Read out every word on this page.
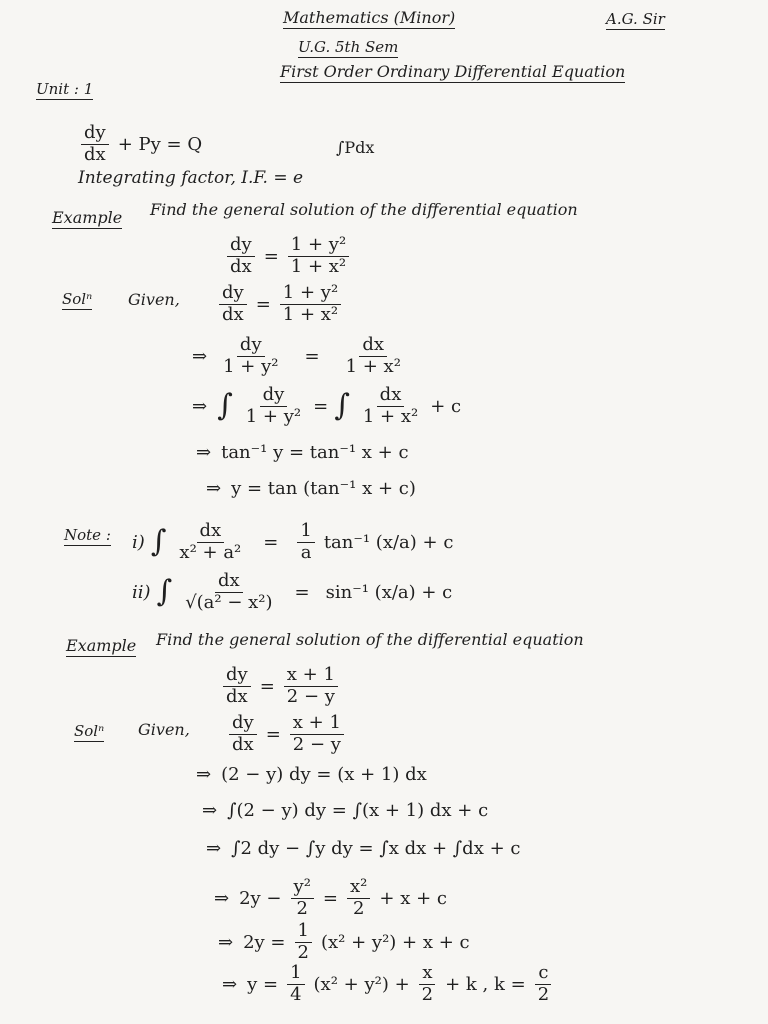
Mathematics (Minor)	A.G. Sir
U.G. 5th Sem
First Order Ordinary Differential Equation
Unit : 1
$\frac{dy}{dx} + Py = Q$	∫Pdx
Integrating factor, I.F. = e
Example Find the general solution of the differential equation
$\frac{dy}{dx} = \frac{\text{1 + y²}}{\text{1 + x²}}$
Solⁿ Given, $\frac{dy}{dx} = \frac{\text{1 + y²}}{\text{1 + x²}}$
⇒ $\frac{dy}{\text{1 + y²}} = \frac{dx}{\text{1 + x²}}$
⇒ ∫ $\frac{dy}{\text{1 + y²}}$ = ∫ $\frac{dx}{\text{1 + x²}} + c$
⇒ tan⁻¹ y = tan⁻¹ x + c
⇒ y = tan (tan⁻¹ x + c)
Note : i) ∫ $\frac{dx}{\text{x² + a²}} = \frac{1}{a} \tan^{-1}$ (x/a) + c
ii) ∫ $\frac{dx}{\text{√(a² − x²)}} = \sin^{-1}$ (x/a) + c
Example Find the general solution of the differential equation
$\frac{dy}{dx} = \frac{x + 1}{2 - y}$
Solⁿ Given, $\frac{dy}{dx} = \frac{x + 1}{2 - y}$
⇒ (2 − y) dy = (x + 1) dx
⇒ ∫(2 − y) dy = ∫(x + 1) dx + c
⇒ ∫2 dy − ∫y dy = ∫x dx + ∫dx + c
⇒ $2y - \frac{\text{y²}}{2} = \frac{\text{x²}}{2} + x + c$
⇒ $2y = \frac{1}{2} (x^2 + y^2) + x + c$
⇒ $y = \frac{1}{4} (x^2 + y^2) + \frac{x}{2} + k$ , $k = \frac{c}{2}$
